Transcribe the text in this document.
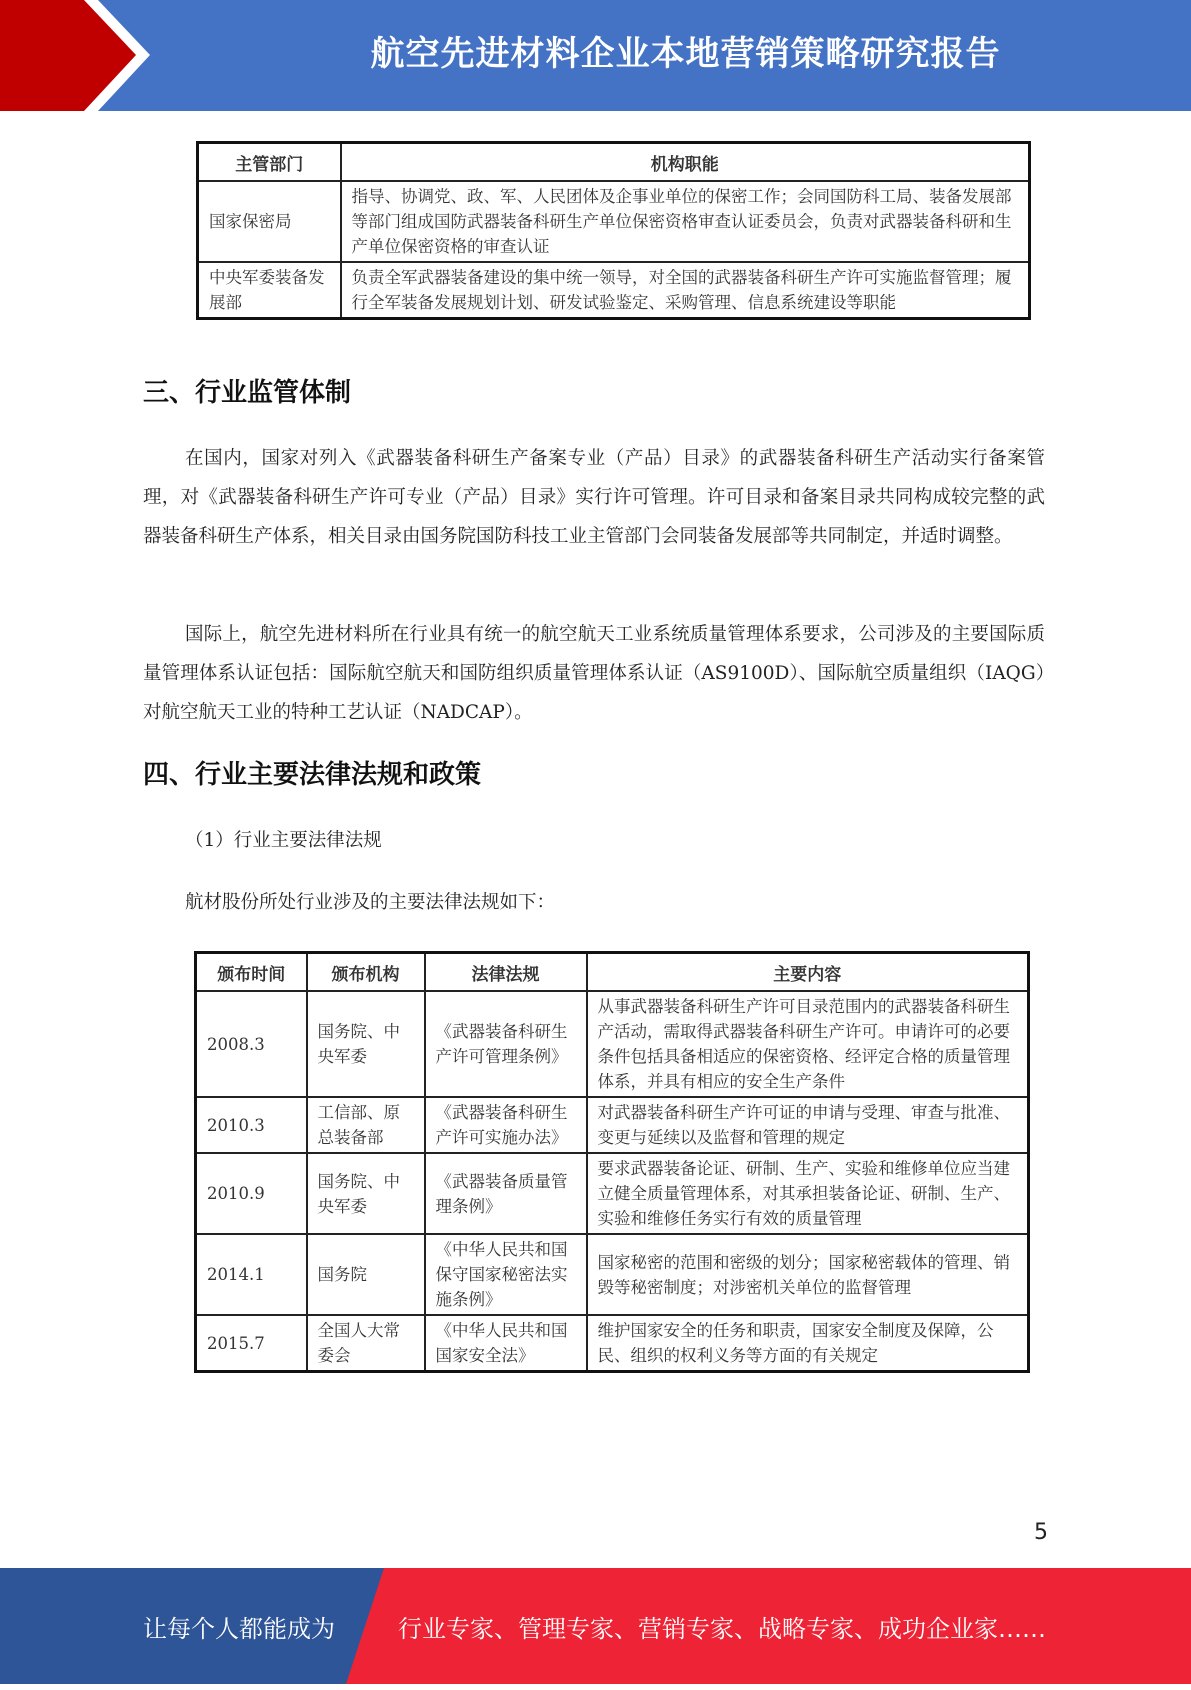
航空先进材料企业本地营销策略研究报告
主管部门	机构职能
国家保密局	指导、协调党、政、军、人民团体及企事业单位的保密工作；会同国防科工局、装备发展部等部门组成国防武器装备科研生产单位保密资格审查认证委员会，负责对武器装备科研和生产单位保密资格的审查认证
中央军委装备发展部	负责全军武器装备建设的集中统一领导，对全国的武器装备科研生产许可实施监督管理；履行全军装备发展规划计划、研发试验鉴定、采购管理、信息系统建设等职能
三、行业监管体制

在国内，国家对列入《武器装备科研生产备案专业（产品）目录》的武器装备科研生产活动实行备案管理，对《武器装备科研生产许可专业（产品）目录》实行许可管理。许可目录和备案目录共同构成较完整的武器装备科研生产体系，相关目录由国务院国防科技工业主管部门会同装备发展部等共同制定，并适时调整。

国际上，航空先进材料所在行业具有统一的航空航天工业系统质量管理体系要求，公司涉及的主要国际质量管理体系认证包括：国际航空航天和国防组织质量管理体系认证（AS9100D）、国际航空质量组织（IAQG）对航空航天工业的特种工艺认证（NADCAP）。

四、行业主要法律法规和政策
（1）行业主要法律法规
航材股份所处行业涉及的主要法律法规如下：
颁布时间	颁布机构	法律法规	主要内容
2008.3	国务院、中央军委	《武器装备科研生产许可管理条例》	从事武器装备科研生产许可目录范围内的武器装备科研生产活动，需取得武器装备科研生产许可。申请许可的必要条件包括具备相适应的保密资格、经评定合格的质量管理体系，并具有相应的安全生产条件
2010.3	工信部、原总装备部	《武器装备科研生产许可实施办法》	对武器装备科研生产许可证的申请与受理、审查与批准、变更与延续以及监督和管理的规定
2010.9	国务院、中央军委	《武器装备质量管理条例》	要求武器装备论证、研制、生产、实验和维修单位应当建立健全质量管理体系，对其承担装备论证、研制、生产、实验和维修任务实行有效的质量管理
2014.1	国务院	《中华人民共和国保守国家秘密法实施条例》	国家秘密的范围和密级的划分；国家秘密载体的管理、销毁等秘密制度；对涉密机关单位的监督管理
2015.7	全国人大常委会	《中华人民共和国国家安全法》	维护国家安全的任务和职责，国家安全制度及保障，公民、组织的权利义务等方面的有关规定
5
让每个人都能成为	行业专家、管理专家、营销专家、战略专家、成功企业家……
